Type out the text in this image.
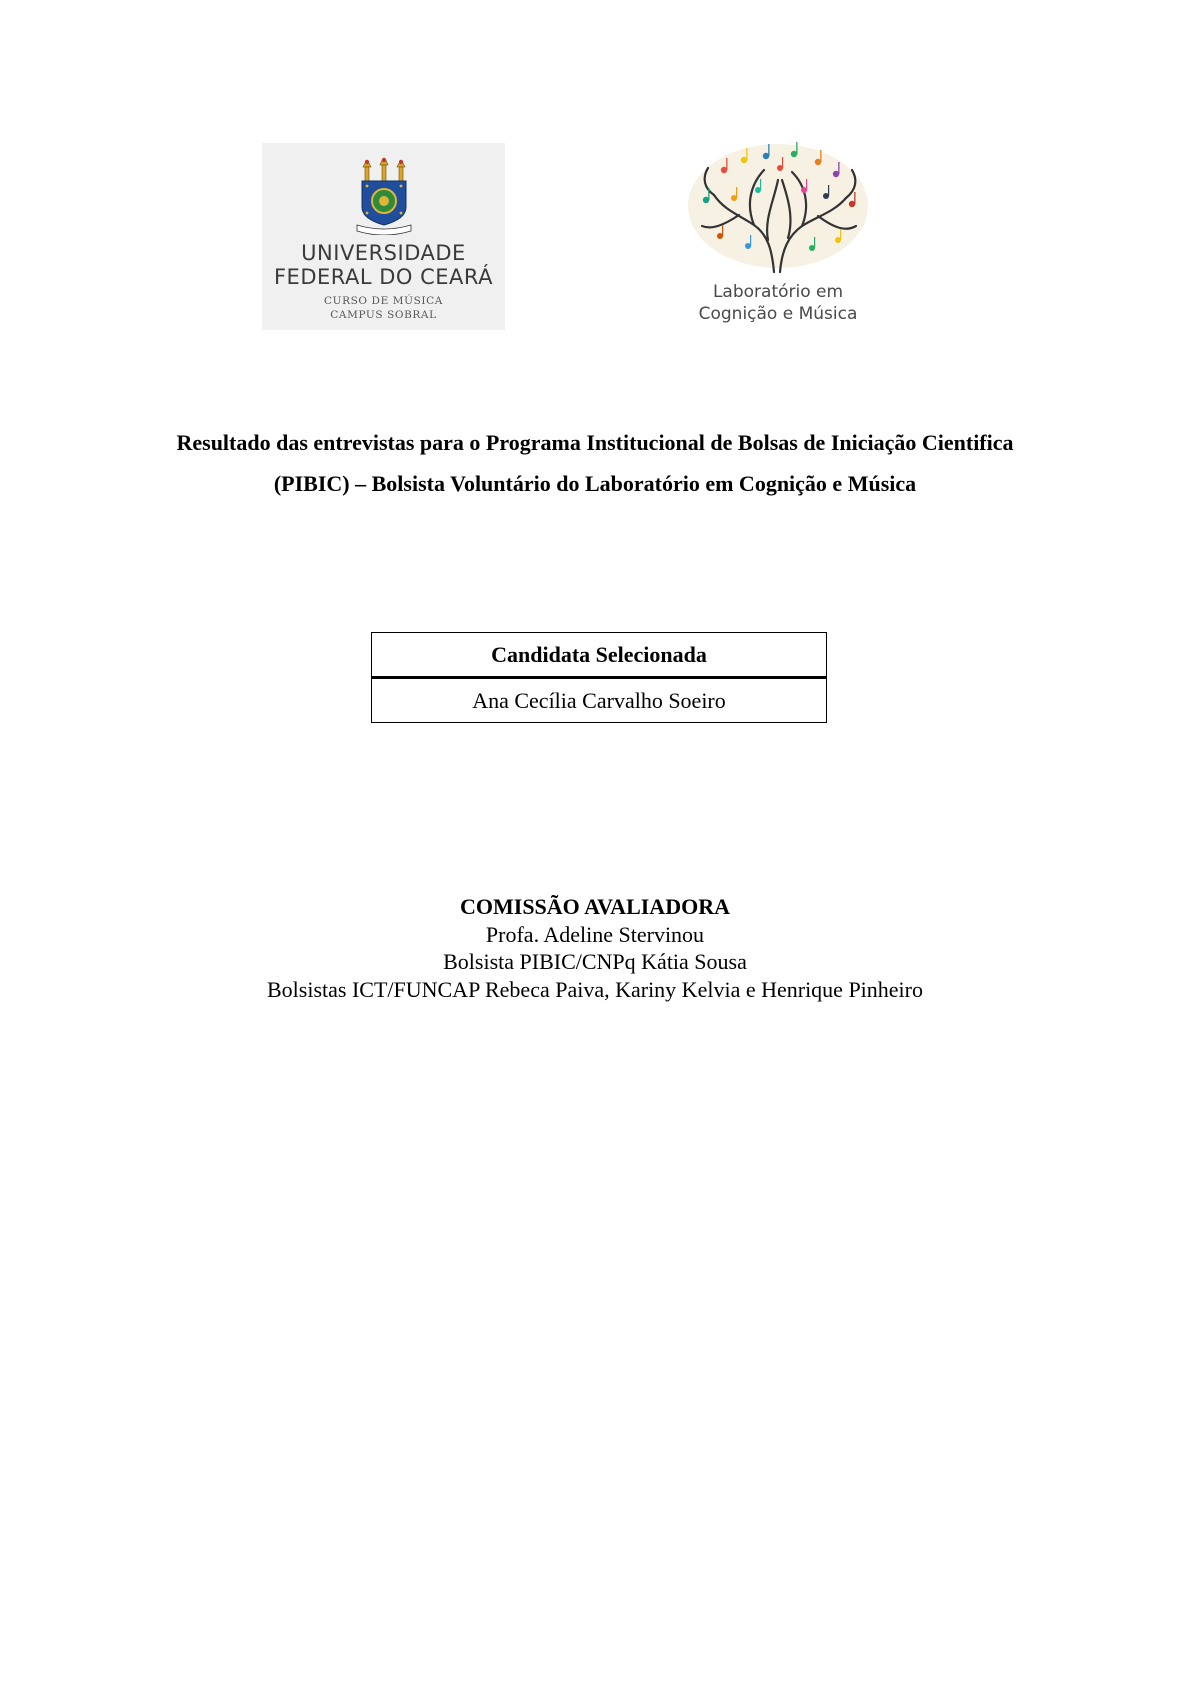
UNIVERSIDADE
FEDERAL DO CEARÁ
CURSO DE MÚSICA
CAMPUS SOBRAL
Laboratório em
Cognição e Música
Resultado das entrevistas para o Programa Institucional de Bolsas de Iniciação Cientifica (PIBIC) – Bolsista Voluntário do Laboratório em Cognição e Música
Candidata Selecionada
Ana Cecília Carvalho Soeiro
COMISSÃO AVALIADORA
Profa. Adeline Stervinou
Bolsista PIBIC/CNPq Kátia Sousa
Bolsistas ICT/FUNCAP Rebeca Paiva, Kariny Kelvia e Henrique Pinheiro
